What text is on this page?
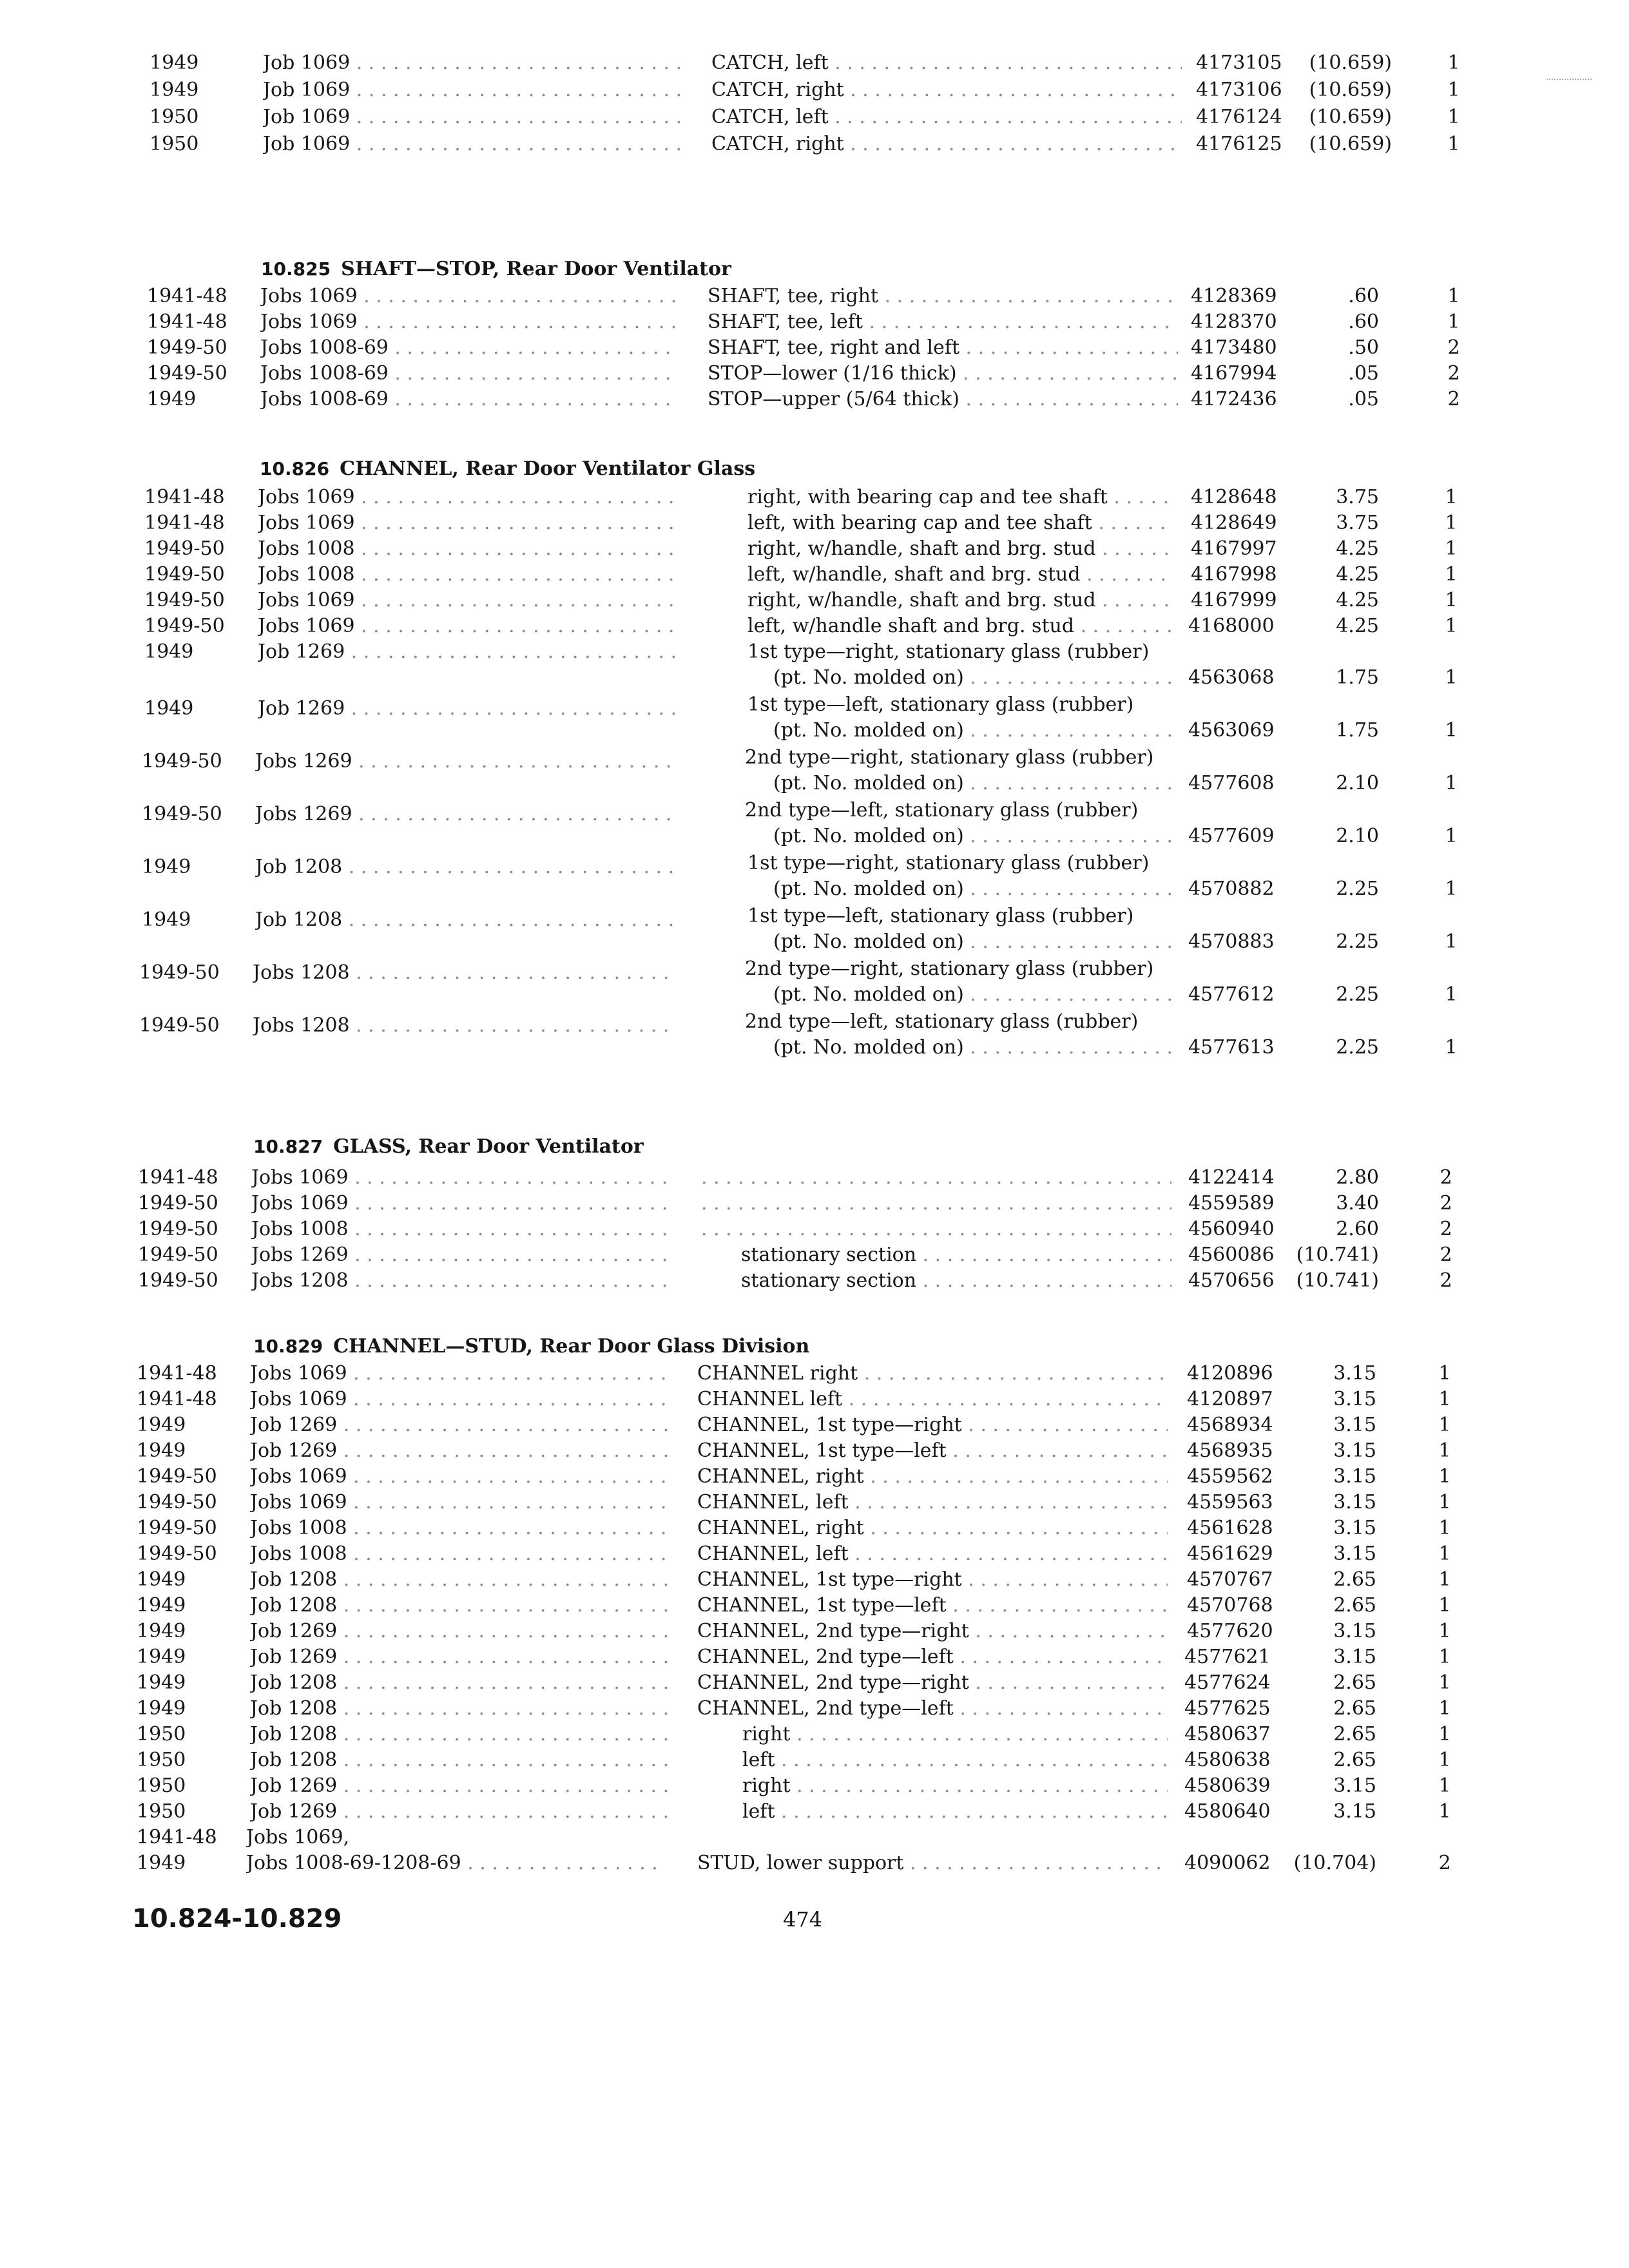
1949	Job 1069 . . .	CATCH, left . . .	4173105	(10.659)	1
1949	Job 1069 . . .	CATCH, right . . .	4173106	(10.659)	1
1950	Job 1069 . . .	CATCH, left . . .	4176124	(10.659)	1
1950	Job 1069 . . .	CATCH, right . . .	4176125	(10.659)	1
10.825 SHAFT—STOP, Rear Door Ventilator
1941-48	Jobs 1069 . . .	SHAFT, tee, right . . .	4128369	.60	1
1941-48	Jobs 1069 . . .	SHAFT, tee, left . . .	4128370	.60	1
1949-50	Jobs 1008-69 . . .	SHAFT, tee, right and left . . .	4173480	.50	2
1949-50	Jobs 1008-69 . . .	STOP—lower (1/16 thick) . . .	4167994	.05	2
1949	Jobs 1008-69 . . .	STOP—upper (5/64 thick) . . .	4172436	.05	2
10.826 CHANNEL, Rear Door Ventilator Glass
1941-48	Jobs 1069 . . .	right, with bearing cap and tee shaft . . .	4128648	3.75	1
1941-48	Jobs 1069 . . .	left, with bearing cap and tee shaft . . .	4128649	3.75	1
1949-50	Jobs 1008 . . .	right, w/handle, shaft and brg. stud . . .	4167997	4.25	1
1949-50	Jobs 1008 . . .	left, w/handle, shaft and brg. stud . . .	4167998	4.25	1
1949-50	Jobs 1069 . . .	right, w/handle, shaft and brg. stud . . .	4167999	4.25	1
1949-50	Jobs 1069 . . .	left, w/handle shaft and brg. stud . . .	4168000	4.25	1
1949	Job 1269 . . .	1st type—right, stationary glass (rubber)
(pt. No. molded on) . . .	4563068	1.75	1
1949	Job 1269 . . .	1st type—left, stationary glass (rubber)
(pt. No. molded on) . . .	4563069	1.75	1
1949-50	Jobs 1269 . . .	2nd type—right, stationary glass (rubber)
(pt. No. molded on) . . .	4577608	2.10	1
1949-50	Jobs 1269 . . .	2nd type—left, stationary glass (rubber)
(pt. No. molded on) . . .	4577609	2.10	1
1949	Job 1208 . . .	1st type—right, stationary glass (rubber)
(pt. No. molded on) . . .	4570882	2.25	1
1949	Job 1208 . . .	1st type—left, stationary glass (rubber)
(pt. No. molded on) . . .	4570883	2.25	1
1949-50	Jobs 1208 . . .	2nd type—right, stationary glass (rubber)
(pt. No. molded on) . . .	4577612	2.25	1
1949-50	Jobs 1208 . . .	2nd type—left, stationary glass (rubber)
(pt. No. molded on) . . .	4577613	2.25	1
10.827 GLASS, Rear Door Ventilator
1941-48	Jobs 1069 . . . . . .	4122414	2.80	2
1949-50	Jobs 1069 . . . . . .	4559589	3.40	2
1949-50	Jobs 1008 . . . . . .	4560940	2.60	2
1949-50	Jobs 1269 . . .	stationary section . . .	4560086	(10.741)	2
1949-50	Jobs 1208 . . .	stationary section . . .	4570656	(10.741)	2
10.829 CHANNEL—STUD, Rear Door Glass Division
1941-48	Jobs 1069 . . .	CHANNEL right . . .	4120896	3.15	1
1941-48	Jobs 1069 . . .	CHANNEL left . . .	4120897	3.15	1
1949	Job 1269 . . .	CHANNEL, 1st type—right . . .	4568934	3.15	1
1949	Job 1269 . . .	CHANNEL, 1st type—left . . .	4568935	3.15	1
1949-50	Jobs 1069 . . .	CHANNEL, right . . .	4559562	3.15	1
1949-50	Jobs 1069 . . .	CHANNEL, left . . .	4559563	3.15	1
1949-50	Jobs 1008 . . .	CHANNEL, right . . .	4561628	3.15	1
1949-50	Jobs 1008 . . .	CHANNEL, left . . .	4561629	3.15	1
1949	Job 1208 . . .	CHANNEL, 1st type—right . . .	4570767	2.65	1
1949	Job 1208 . . .	CHANNEL, 1st type—left . . .	4570768	2.65	1
1949	Job 1269 . . .	CHANNEL, 2nd type—right . . .	4577620	3.15	1
1949	Job 1269 . . .	CHANNEL, 2nd type—left . . .	4577621	3.15	1
1949	Job 1208 . . .	CHANNEL, 2nd type—right . . .	4577624	2.65	1
1949	Job 1208 . . .	CHANNEL, 2nd type—left . . .	4577625	2.65	1
1950	Job 1208 . . .	right . . .	4580637	2.65	1
1950	Job 1208 . . .	left . . .	4580638	2.65	1
1950	Job 1269 . . .	right . . .	4580639	3.15	1
1950	Job 1269 . . .	left . . .	4580640	3.15	1
1941-48	Jobs 1069,
1949	Jobs 1008-69-1208-69 . . .	STUD, lower support . . .	4090062	(10.704)	2
10.824-10.829	474
